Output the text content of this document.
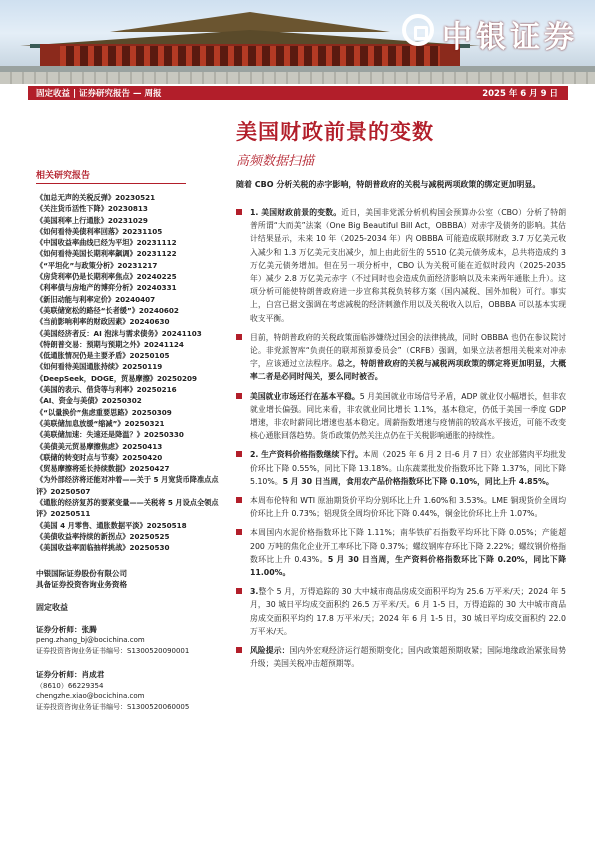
中银证券
固定收益 | 证券研究报告 — 周报	2025 年 6 月 9 日
美国财政前景的变数
高频数据扫描
相关研究报告
《加总无声的关税反弹》20230521
《关注货币活性下降》20230813
《美国利率上行通胀》20231029
《如何看待美债利率回落》20231105
《中国收益率曲线已经为平坦》20231112
《如何看待美国长期利率飙调》20231122
《“平坦化”与政策分析》20231217
《房贷利率仍是长期利率焦点》20240225
《利率债与房地产的博弈分析》20240331
《新旧动能与利率定价》20240407
《美联储宽松的路径“长者缓”》20240602
《当前影响利率的财政因素》20240630
《美国经济者反：AI 泡沫与需求债务》20241103
《特朗普交易：预期与预期之外》20241124
《低通胀情况仍是主要矛盾》20250105
《如何看待美国通胀持续》20250119
《DeepSeek，DOGE，贸易摩擦》20250209
《美国的表示、借贷等与利率》20250216
《AI、资金与美债》20250302
《“以量换价”焦虑重要思路》20250309
《美联储加息放缓“缩减”》20250321
《美联储加速：失速还是降温？》20250330
《美债美元贸易摩擦焦虑》20250413
《联储的转变时点与节奏》20250420
《贸易摩擦将延长持续数据》20250427
《为外部经济将还能对冲着——关于 5 月宽货币降准点点评》20250507
《通胀的经济复苏的要紧变量——关税将 5 月设点全领点评》20250511
《美国 4 月零售、通胀数据平淡》20250518
《美债收益率持续的新拐点》20250525
《美国收益率面临抽样挑战》20250530
中银国际证券股份有限公司
具备证券投资咨询业务资格
固定收益
证券分析师：张腾
peng.zhang_bj@bocichina.com
证券投资咨询业务证书编号：S1300520090001
证券分析师：肖成君
（8610）66229354
chengzhe.xiao@bocichina.com
证券投资咨询业务证书编号：S1300520060005
随着 CBO 分析关税的赤字影响，特朗普政府的关税与减税两项政策的绑定更加明显。
1. 美国财政前景的变数。近日，美国非党派分析机构国会预算办公室（CBO）分析了特朗普所谓“大而美”法案（One Big Beautiful Bill Act，OBBBA）对赤字及债务的影响。其估计结果显示，未来 10 年（2025-2034 年）内 OBBBA 可能造成联邦财政 3.7 万亿美元收入减少和 1.3 万亿美元支出减少，加上由此衍生的 5510 亿美元债务成本，总共将造成约 3 万亿美元债务增加。但在另一项分析中，CBO 认为关税可能在近似时段内（2025-2035 年）减少 2.8 万亿美元赤字（不过同时也会造成负面经济影响以及未来两年通胀上升）。这项分析可能使特朗普政府进一步宣称其税负转移方案（国内减税、国外加税）可行。事实上，白宫已据文强调在考虑减税的经济刺激作用以及关税收入以后，OBBBA 可以基本实现收支平衡。
目前，特朗普政府的关税政策面临涉嫌绕过国会的法律挑战，同时 OBBBA 也仍在参议院讨论。非党派智库“负责任的联邦预算委员会”（CRFB）强调，如果立法者想用关税来对冲赤字，应该通过立法程序。总之，特朗普政府的关税与减税两项政策的绑定将更加明显，大概率二者是必同时闯关，要么同时被否。
美国就业市场还行在基本平稳。5 月美国就业市场信号矛盾，ADP 就业仅小幅增长，但非农就业增长偏强。同比来看，非农就业同比增长 1.1%，基本稳定，仍低于美国一季度 GDP 增速，非农时薪同比增速也基本稳定。周薪指数增速与疫情前的较高水平接近，可能不改变核心通胀回落趋势。货币政策仍然关注点仍在于关税影响通胀的持续性。
2. 生产资料价格指数继续下行。本周（2025 年 6 月 2 日-6 月 7 日）农业部猪肉平均批发价环比下降 0.55%，同比下降 13.18%。山东蔬菜批发价指数环比下降 1.37%，同比下降 5.10%。5 月 30 日当周，食用农产品价格指数环比下降 0.10%，同比上升 4.85%。
本周布伦特和 WTI 原油期货价平均分别环比上升 1.60%和 3.53%。LME 铜现货价全周均价环比上升 0.73%；铝现货全周均价环比下降 0.44%，铜金比价环比上升 1.07%。
本周国内水泥价格指数环比下降 1.11%；南华铁矿石指数平均环比下降 0.05%；产能超 200 万吨的焦化企业开工率环比下降 0.37%；螺纹钢库存环比下降 2.22%；螺纹钢价格指数环比上升 0.43%。5 月 30 日当周，生产资料价格指数环比下降 0.20%，同比下降 11.00%。
3.整个 5 月，万得追踪的 30 大中城市商品房成交面积平均为 25.6 万平米/天；2024 年 5 月，30 城日平均成交面积约 26.5 万平米/天。6 月 1-5 日，万得追踪的 30 大中城市商品房成交面积平均约 17.8 万平米/天；2024 年 6 月 1-5 日，30 城日平均成交面积约 22.0 万平米/天。
风险提示：国内外宏观经济运行超预期变化；国内政策超预期收紧；国际地缘政治紧张局势升级；美国关税冲击超预期等。
